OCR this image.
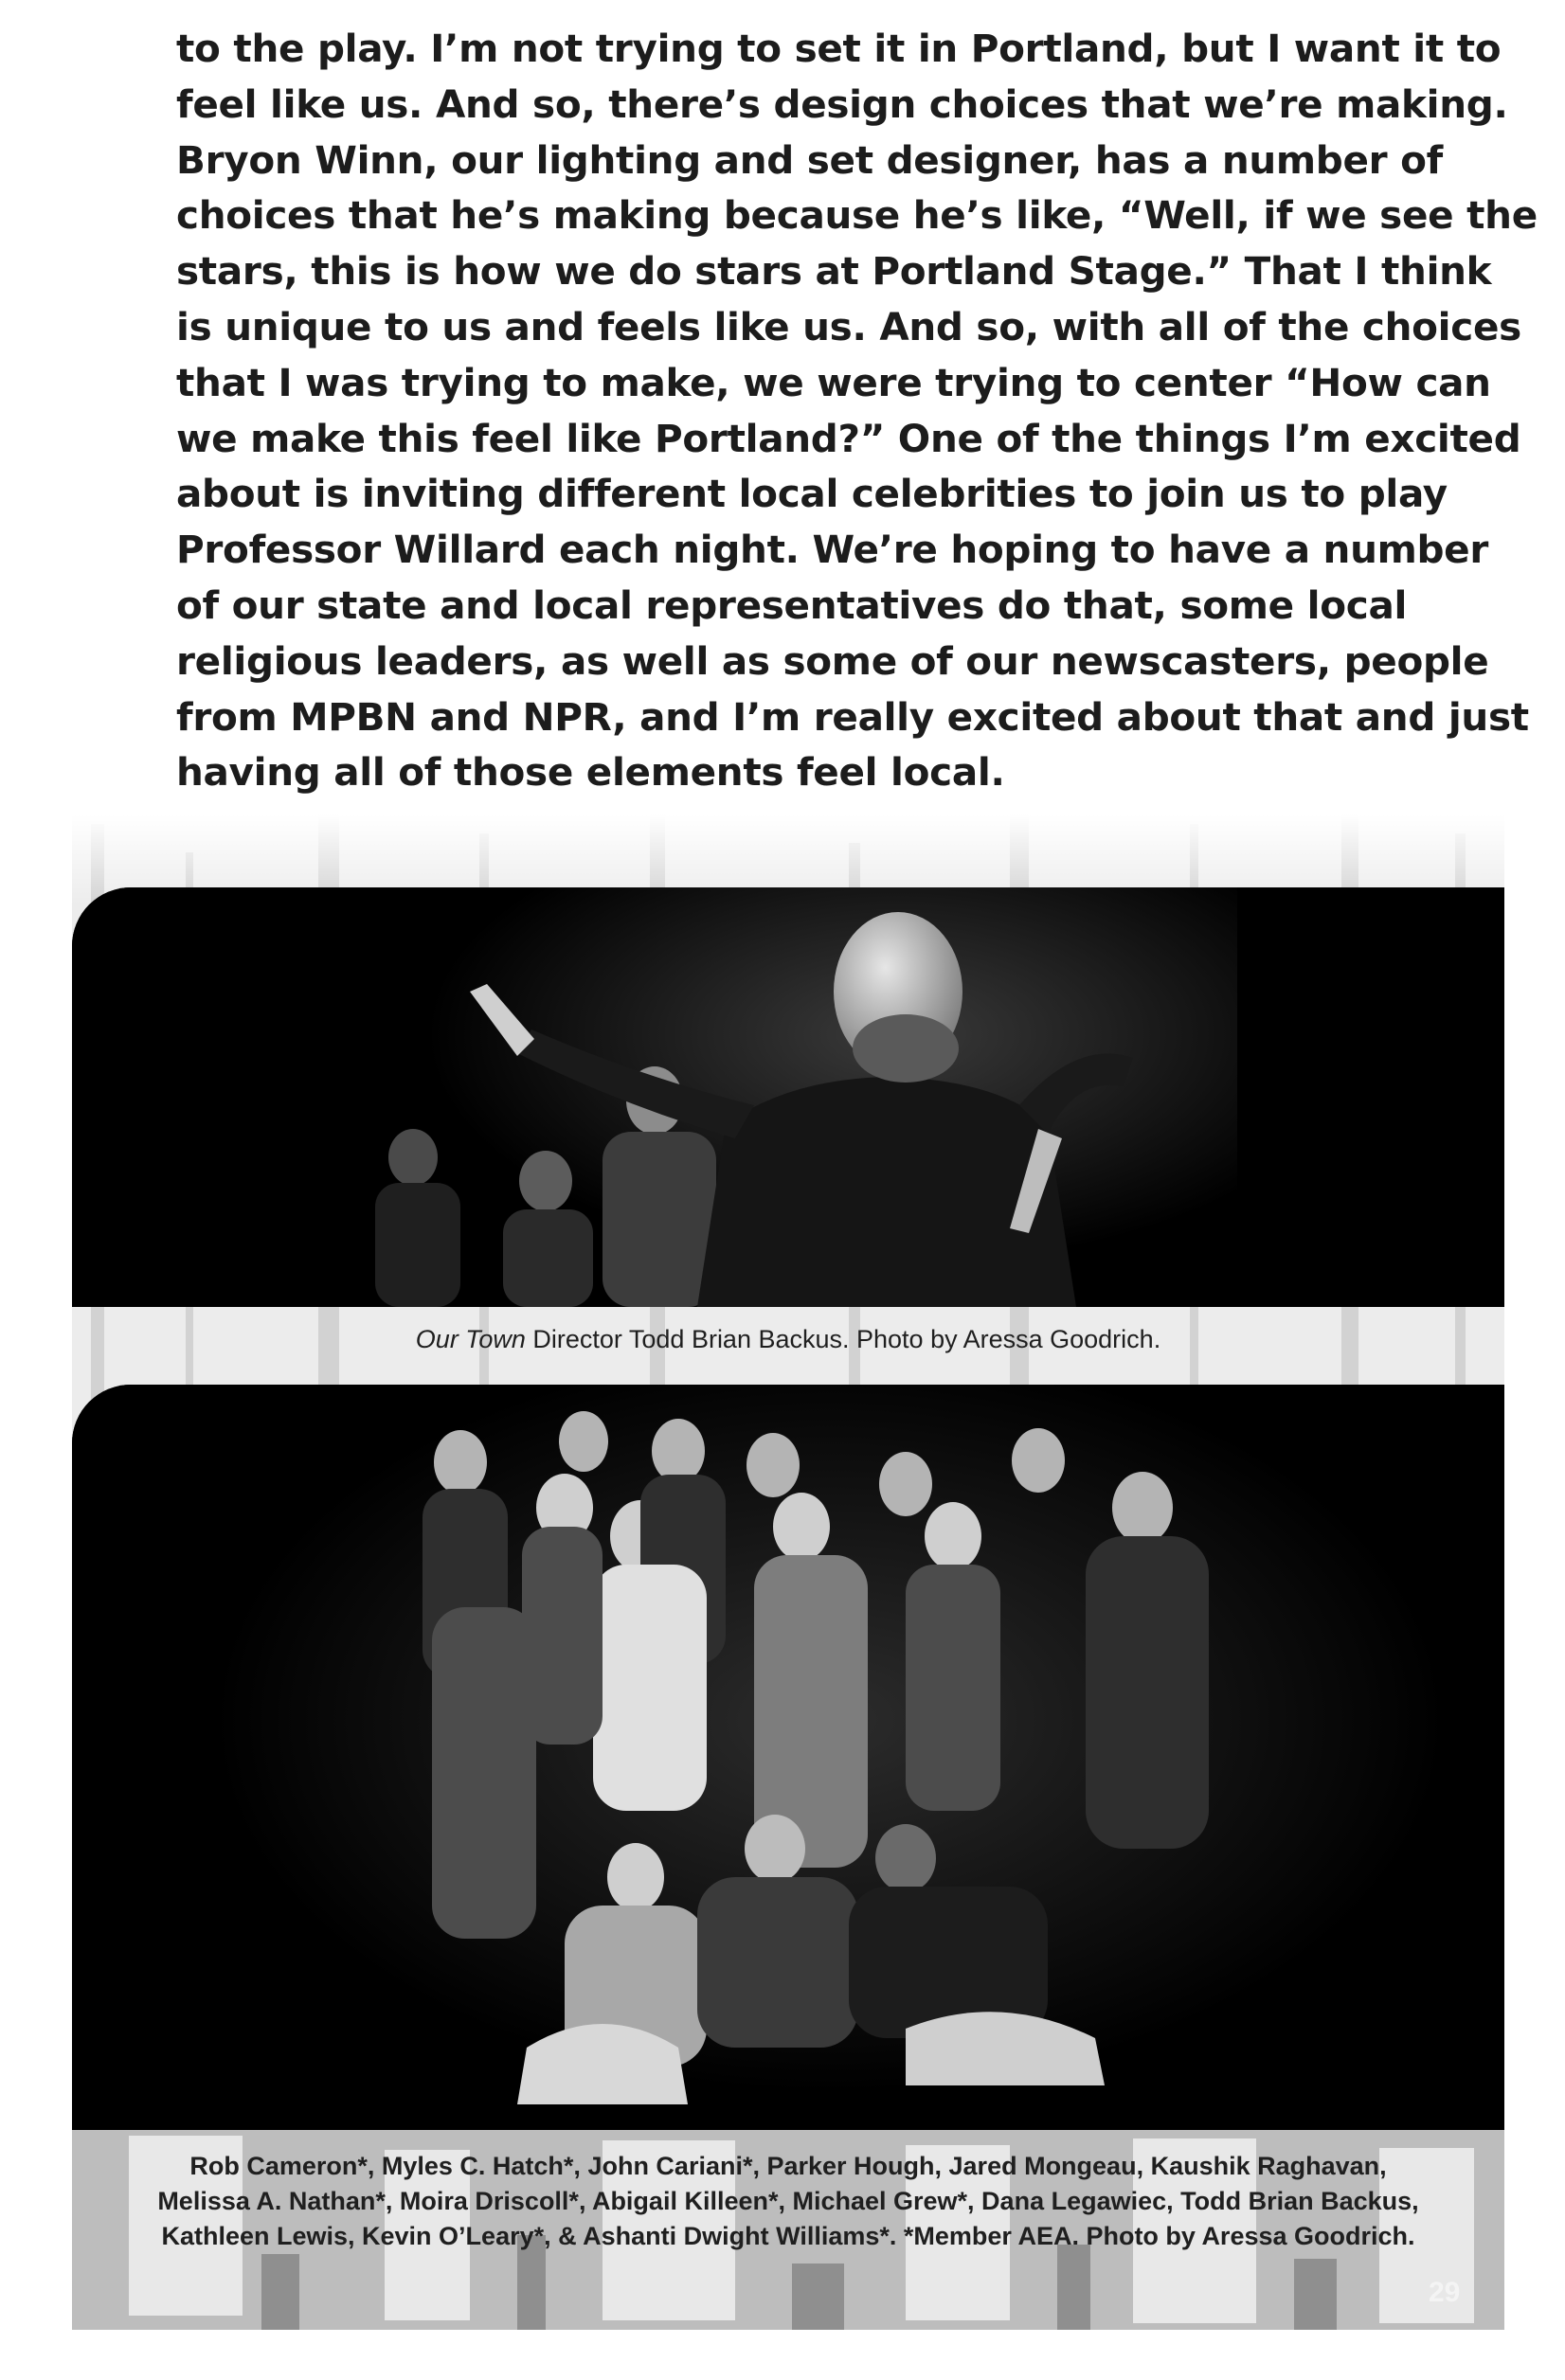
to the play. I’m not trying to set it in Portland, but I want it to
feel like us. And so, there’s design choices that we’re making.
Bryon Winn, our lighting and set designer, has a number of
choices that he’s making because he’s like, “Well, if we see the
stars, this is how we do stars at Portland Stage.” That I think
is unique to us and feels like us. And so, with all of the choices
that I was trying to make, we were trying to center “How can
we make this feel like Portland?” One of the things I’m excited
about is inviting different local celebrities to join us to play
Professor Willard each night. We’re hoping to have a number
of our state and local representatives do that, some local
religious leaders, as well as some of our newscasters, people
from MPBN and NPR, and I’m really excited about that and just
having all of those elements feel local.
Our Town Director Todd Brian Backus. Photo by Aressa Goodrich.
Rob Cameron*, Myles C. Hatch*, John Cariani*, Parker Hough, Jared Mongeau, Kaushik Raghavan,
Melissa A. Nathan*, Moira Driscoll*, Abigail Killeen*, Michael Grew*, Dana Legawiec, Todd Brian Backus,
Kathleen Lewis, Kevin O’Leary*, & Ashanti Dwight Williams*. *Member AEA. Photo by Aressa Goodrich.
29
